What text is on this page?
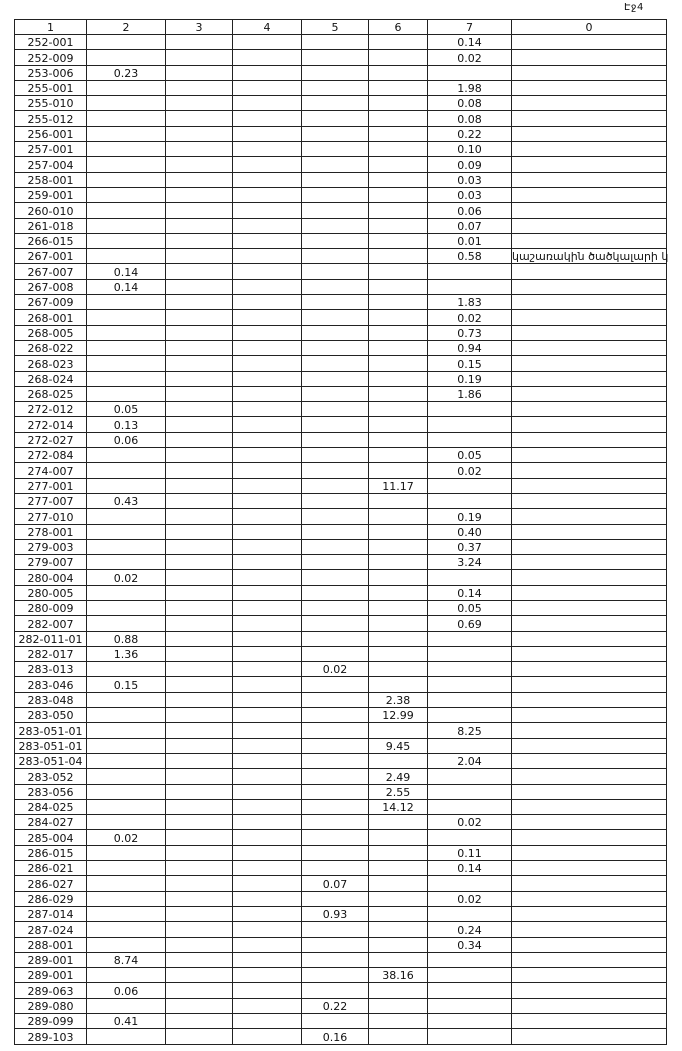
Էջ4
1	2	3	4	5	6	7	0
252-001						0.14	
252-009						0.02	
253-006	0.23						
255-001						1.98	
255-010						0.08	
255-012						0.08	
256-001						0.22	
257-001						0.10	
257-004						0.09	
258-001						0.03	
259-001						0.03	
260-010						0.06	
261-018						0.07	
266-015						0.01	
267-001						0.58	կաշառակին ծածկալարի կ
267-007	0.14						
267-008	0.14						
267-009						1.83	
268-001						0.02	
268-005						0.73	
268-022						0.94	
268-023						0.15	
268-024						0.19	
268-025						1.86	
272-012	0.05						
272-014	0.13						
272-027	0.06						
272-084						0.05	
274-007						0.02	
277-001					11.17		
277-007	0.43						
277-010						0.19	
278-001						0.40	
279-003						0.37	
279-007						3.24	
280-004	0.02						
280-005						0.14	
280-009						0.05	
282-007						0.69	
282-011-01	0.88						
282-017	1.36						
283-013				0.02			
283-046	0.15						
283-048					2.38		
283-050					12.99		
283-051-01						8.25	
283-051-01					9.45		
283-051-04						2.04	
283-052					2.49		
283-056					2.55		
284-025					14.12		
284-027						0.02	
285-004	0.02						
286-015						0.11	
286-021						0.14	
286-027				0.07			
286-029						0.02	
287-014				0.93			
287-024						0.24	
288-001						0.34	
289-001	8.74						
289-001					38.16		
289-063	0.06						
289-080				0.22			
289-099	0.41						
289-103				0.16			
